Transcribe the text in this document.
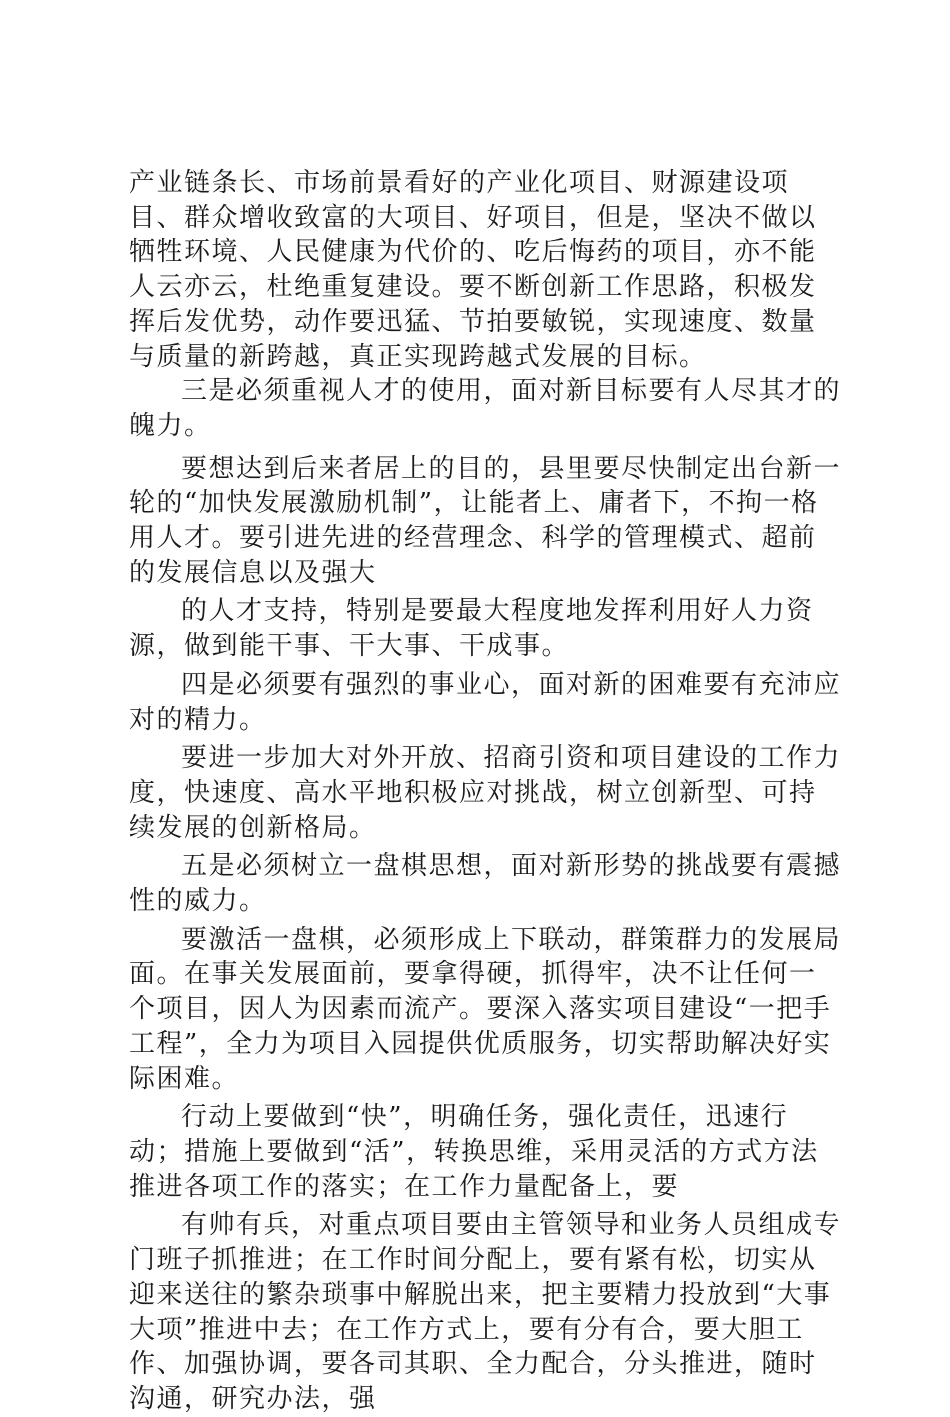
产业链条长、市场前景看好的产业化项目、财源建设项目、群众增收致富的大项目、好项目，但是，坚决不做以牺牲环境、人民健康为代价的、吃后悔药的项目，亦不能人云亦云，杜绝重复建设。要不断创新工作思路，积极发挥后发优势，动作要迅猛、节拍要敏锐，实现速度、数量与质量的新跨越，真正实现跨越式发展的目标。

三是必须重视人才的使用，面对新目标要有人尽其才的魄力。

要想达到后来者居上的目的，县里要尽快制定出台新一轮的“加快发展激励机制”，让能者上、庸者下，不拘一格用人才。要引进先进的经营理念、科学的管理模式、超前的发展信息以及强大

的人才支持，特别是要最大程度地发挥利用好人力资源，做到能干事、干大事、干成事。

四是必须要有强烈的事业心，面对新的困难要有充沛应对的精力。

要进一步加大对外开放、招商引资和项目建设的工作力度，快速度、高水平地积极应对挑战，树立创新型、可持续发展的创新格局。

五是必须树立一盘棋思想，面对新形势的挑战要有震撼性的威力。

要激活一盘棋，必须形成上下联动，群策群力的发展局面。在事关发展面前，要拿得硬，抓得牢，决不让任何一个项目，因人为因素而流产。要深入落实项目建设“一把手工程”，全力为项目入园提供优质服务，切实帮助解决好实际困难。

行动上要做到“快”，明确任务，强化责任，迅速行动；措施上要做到“活”，转换思维，采用灵活的方式方法推进各项工作的落实；在工作力量配备上，要

有帅有兵，对重点项目要由主管领导和业务人员组成专门班子抓推进；在工作时间分配上，要有紧有松，切实从迎来送往的繁杂琐事中解脱出来，把主要精力投放到“大事大项”推进中去；在工作方式上，要有分有合，要大胆工作、加强协调，要各司其职、全力配合，分头推进，随时沟通，研究办法，强
